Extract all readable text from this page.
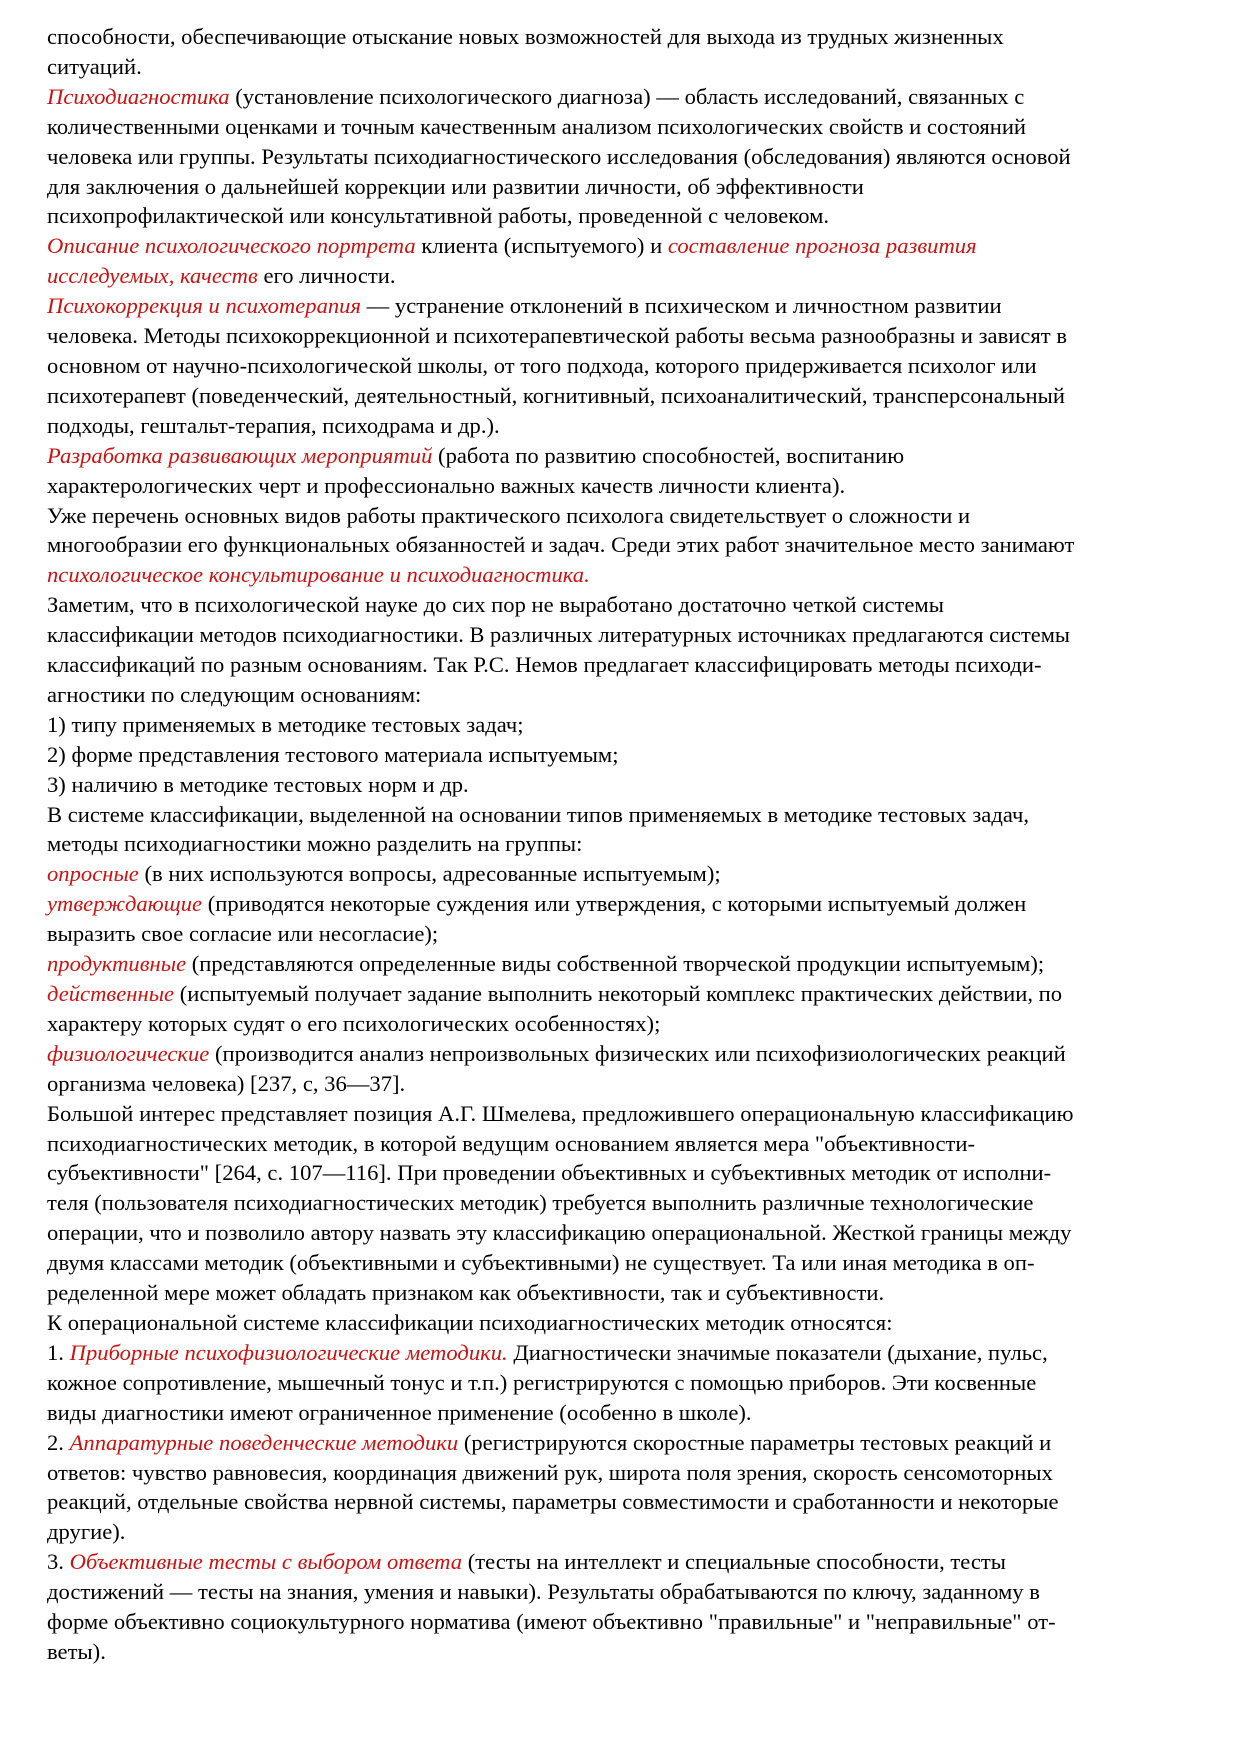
способности, обеспечивающие отыскание новых возможностей для выхода из трудных жизненных
ситуаций.
Психодиагностика (установление психологического диагноза) — область исследований, связанных с
количественными оценками и точным качественным анализом психологических свойств и состояний
человека или группы. Результаты психодиагностического исследования (обследования) являются основой
для заключения о дальнейшей коррекции или развитии личности, об эффективности
психопрофилактической или консультативной работы, проведенной с человеком.
Описание психологического портрета клиента (испытуемого) и составление прогноза развития
исследуемых, качеств его личности.
Психокоррекция и психотерапия — устранение отклонений в психическом и личностном развитии
человека. Методы психокоррекционной и психотерапевтической работы весьма разнообразны и зависят в
основном от научно-психологической школы, от того подхода, которого придерживается психолог или
психотерапевт (поведенческий, деятельностный, когнитивный, психоаналитический, трансперсональный
подходы, гештальт-терапия, психодрама и др.).
Разработка развивающих мероприятий (работа по развитию способностей, воспитанию
характерологических черт и профессионально важных качеств личности клиента).
Уже перечень основных видов работы практического психолога свидетельствует о сложности и
многообразии его функциональных обязанностей и задач. Среди этих работ значительное место занимают
психологическое консультирование и психодиагностика.
Заметим, что в психологической науке до сих пор не выработано достаточно четкой системы
классификации методов психодиагностики. В различных литературных источниках предлагаются системы
классификаций по разным основаниям. Так Р.С. Немов предлагает классифицировать методы психоди-
агностики по следующим основаниям:
1) типу применяемых в методике тестовых задач;
2) форме представления тестового материала испытуемым;
3) наличию в методике тестовых норм и др.
В системе классификации, выделенной на основании типов применяемых в методике тестовых задач,
методы психодиагностики можно разделить на группы:
опросные (в них используются вопросы, адресованные испытуемым);
утверждающие (приводятся некоторые суждения или утверждения, с которыми испытуемый должен
выразить свое согласие или несогласие);
продуктивные (представляются определенные виды собственной творческой продукции испытуемым);
действенные (испытуемый получает задание выполнить некоторый комплекс практических действии, по
характеру которых судят о его психологических особенностях);
физиологические (производится анализ непроизвольных физических или психофизиологических реакций
организма человека) [237, с, 36—37].
Большой интерес представляет позиция А.Г. Шмелева, предложившего операциональную классификацию
психодиагностических методик, в которой ведущим основанием является мера "объективности-
субъективности" [264, с. 107—116]. При проведении объективных и субъективных методик от исполни-
теля (пользователя психодиагностических методик) требуется выполнить различные технологические
операции, что и позволило автору назвать эту классификацию операциональной. Жесткой границы между
двумя классами методик (объективными и субъективными) не существует. Та или иная методика в оп-
ределенной мере может обладать признаком как объективности, так и субъективности.
К операциональной системе классификации психодиагностических методик относятся:
1. Приборные психофизиологические методики. Диагностически значимые показатели (дыхание, пульс,
кожное сопротивление, мышечный тонус и т.п.) регистрируются с помощью приборов. Эти косвенные
виды диагностики имеют ограниченное применение (особенно в школе).
2. Аппаратурные поведенческие методики (регистрируются скоростные параметры тестовых реакций и
ответов: чувство равновесия, координация движений рук, широта поля зрения, скорость сенсомоторных
реакций, отдельные свойства нервной системы, параметры совместимости и сработанности и некоторые
другие).
3. Объективные тесты с выбором ответа (тесты на интеллект и специальные способности, тесты
достижений — тесты на знания, умения и навыки). Результаты обрабатываются по ключу, заданному в
форме объективно социокультурного норматива (имеют объективно "правильные" и "неправильные" от-
веты).
